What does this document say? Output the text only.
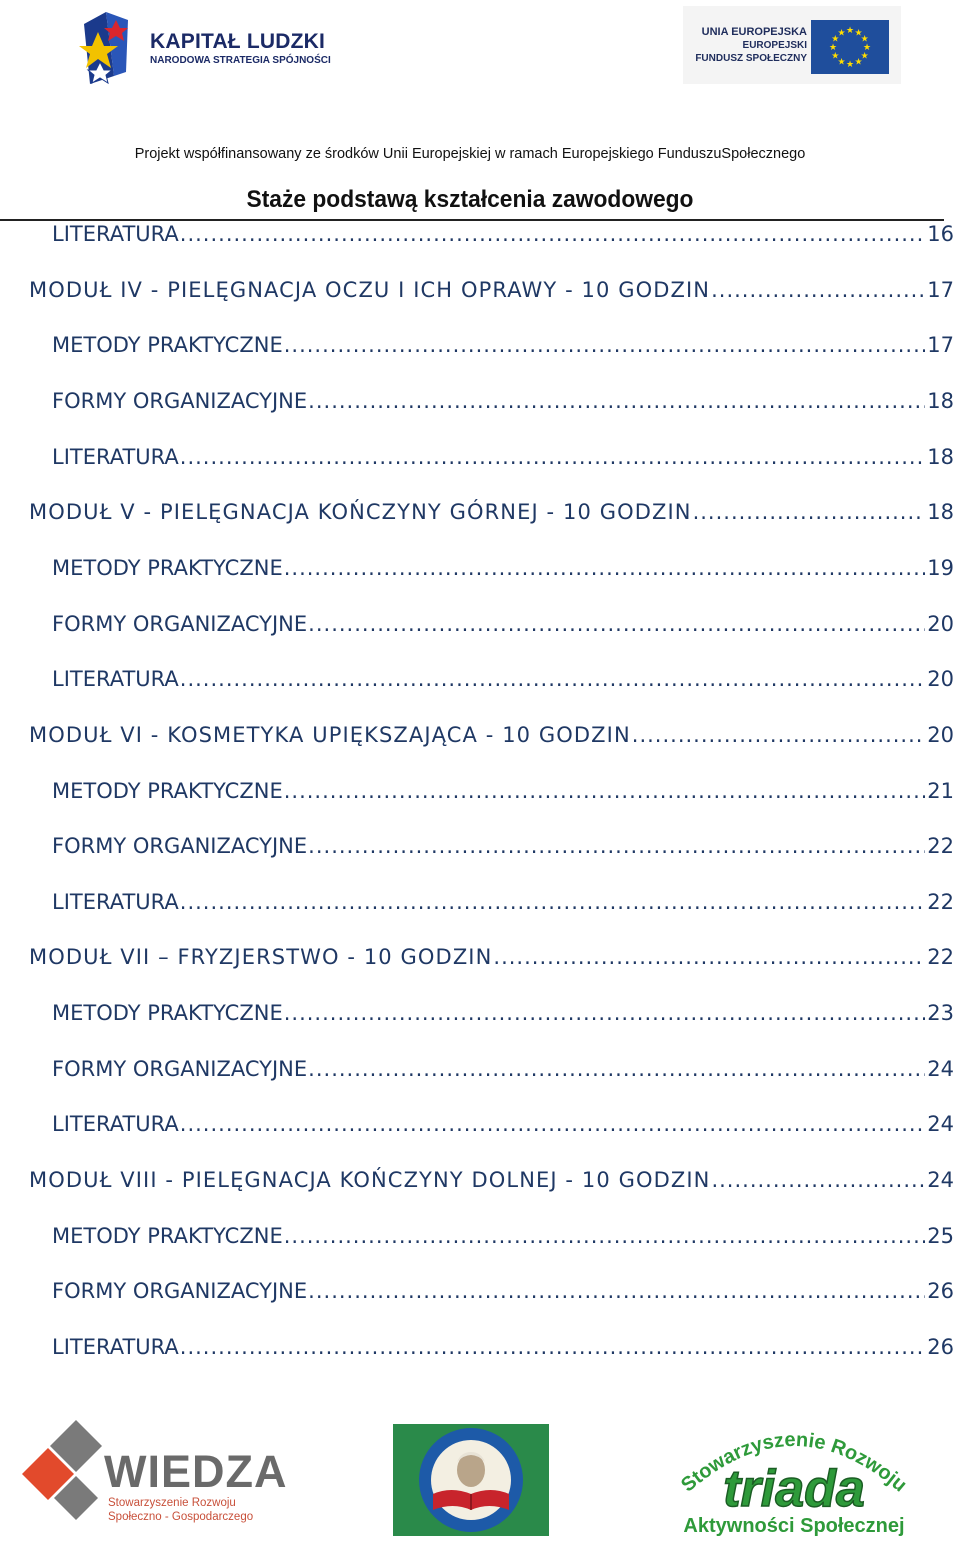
KAPITAŁ LUDZKI
NARODOWA STRATEGIA SPÓJNOŚCI
UNIA EUROPEJSKA
EUROPEJSKI
FUNDUSZ SPOŁECZNY
★ ★
★
★
★
★
★
★
★
★
★
★
Projekt współfinansowany ze środków Unii Europejskiej w ramach Europejskiego FunduszuSpołecznego
Staże podstawą kształcenia zawodowego
LITERATURA .....	16
MODUŁ IV - PIELĘGNACJA OCZU I ICH OPRAWY - 10 GODZIN .....	17
METODY PRAKTYCZNE .....	17
FORMY ORGANIZACYJNE .....	18
LITERATURA .....	18
MODUŁ V - PIELĘGNACJA KOŃCZYNY GÓRNEJ - 10 GODZIN .....	18
METODY PRAKTYCZNE .....	19
FORMY ORGANIZACYJNE .....	20
LITERATURA .....	20
MODUŁ VI - KOSMETYKA UPIĘKSZAJĄCA - 10 GODZIN .....	20
METODY PRAKTYCZNE .....	21
FORMY ORGANIZACYJNE .....	22
LITERATURA .....	22
MODUŁ VII – FRYZJERSTWO - 10 GODZIN .....	22
METODY PRAKTYCZNE .....	23
FORMY ORGANIZACYJNE .....	24
LITERATURA .....	24
MODUŁ VIII - PIELĘGNACJA KOŃCZYNY DOLNEJ - 10 GODZIN .....	24
METODY PRAKTYCZNE .....	25
FORMY ORGANIZACYJNE .....	26
LITERATURA .....	26
WIEDZA
Stowarzyszenie Rozwoju
Społeczno - Gospodarczego
Stowarzyszenie Rozwoju
triada
Aktywności Społecznej
